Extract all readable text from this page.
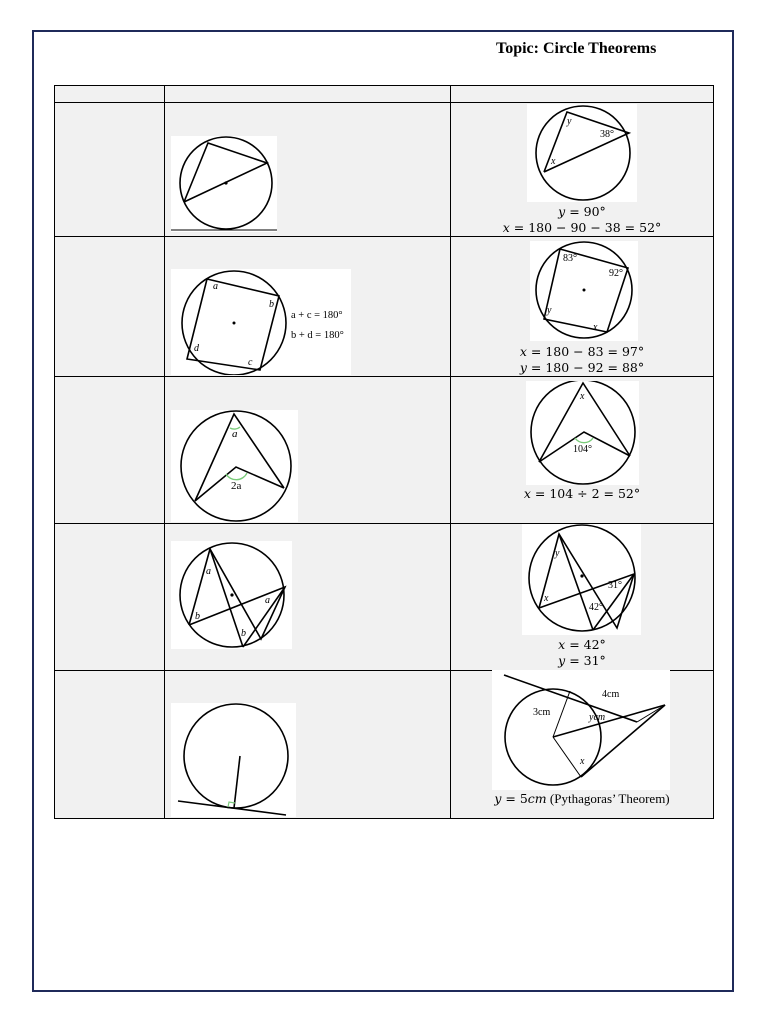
Topic: Circle Theorems
y
38°
x
𝑦 = 90°
𝑥 = 180 − 90 − 38 = 52°
a
b
c
d
a + c = 180°
b + d = 180°
83°
92°
y
x
𝑥 = 180 − 83 = 97°
𝑦 = 180 − 92 = 88°
a
2a
x
104°
𝑥 = 104 ÷ 2 = 52°
a
a
b
b
y
x
31°
42°
𝑥 = 42°
𝑦 = 31°
4cm
3cm	ycm
x
𝑦 = 5𝑐𝑚 (Pythagoras’ Theorem)
